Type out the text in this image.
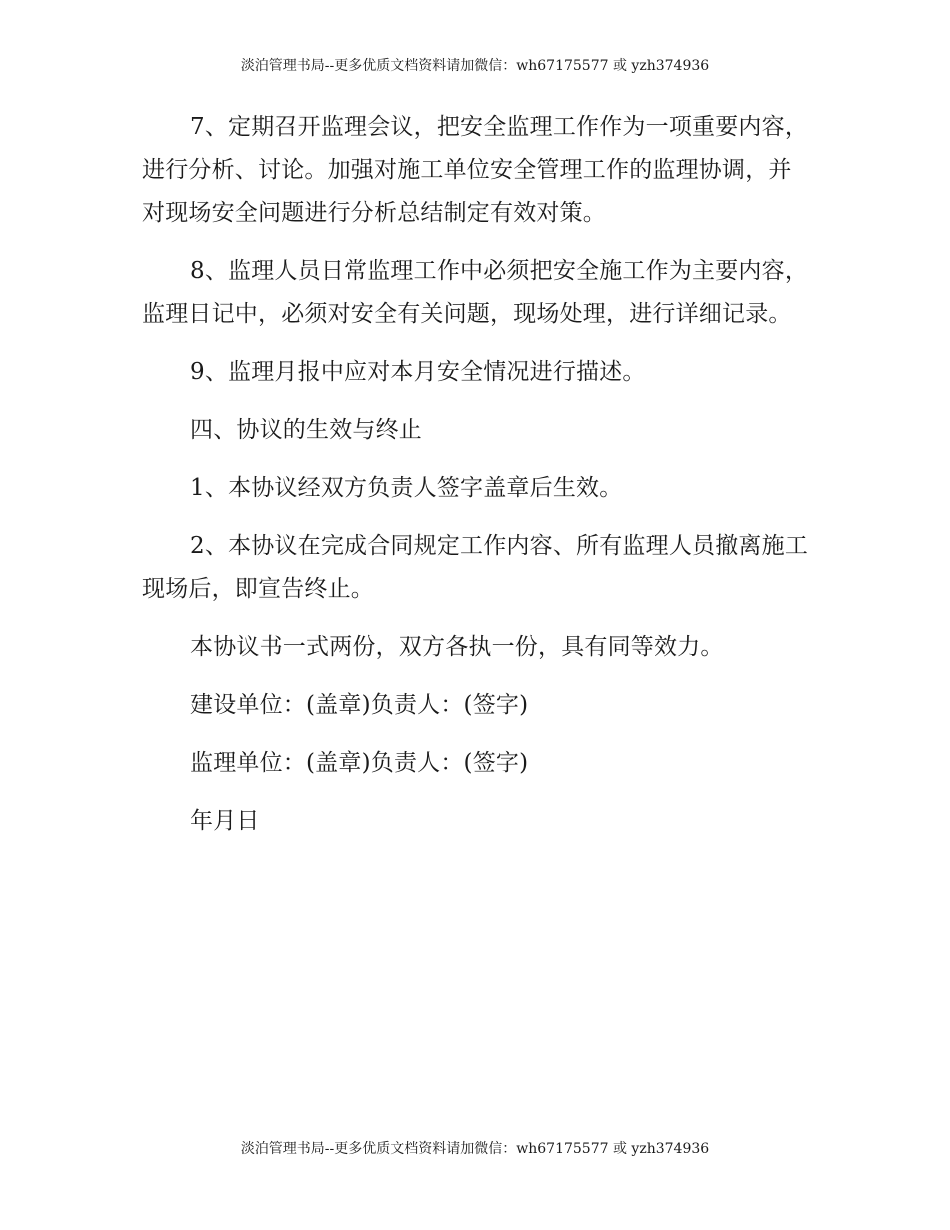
淡泊管理书局--更多优质文档资料请加微信：wh67175577 或 yzh374936

7、定期召开监理会议，把安全监理工作作为一项重要内容，进行分析、讨论。加强对施工单位安全管理工作的监理协调，并对现场安全问题进行分析总结制定有效对策。

8、监理人员日常监理工作中必须把安全施工作为主要内容，监理日记中，必须对安全有关问题，现场处理，进行详细记录。

9、监理月报中应对本月安全情况进行描述。

四、协议的生效与终止

1、本协议经双方负责人签字盖章后生效。

2、本协议在完成合同规定工作内容、所有监理人员撤离施工现场后，即宣告终止。

本协议书一式两份，双方各执一份，具有同等效力。

建设单位：(盖章)负责人：(签字)

监理单位：(盖章)负责人：(签字)

年月日

淡泊管理书局--更多优质文档资料请加微信：wh67175577 或 yzh374936
